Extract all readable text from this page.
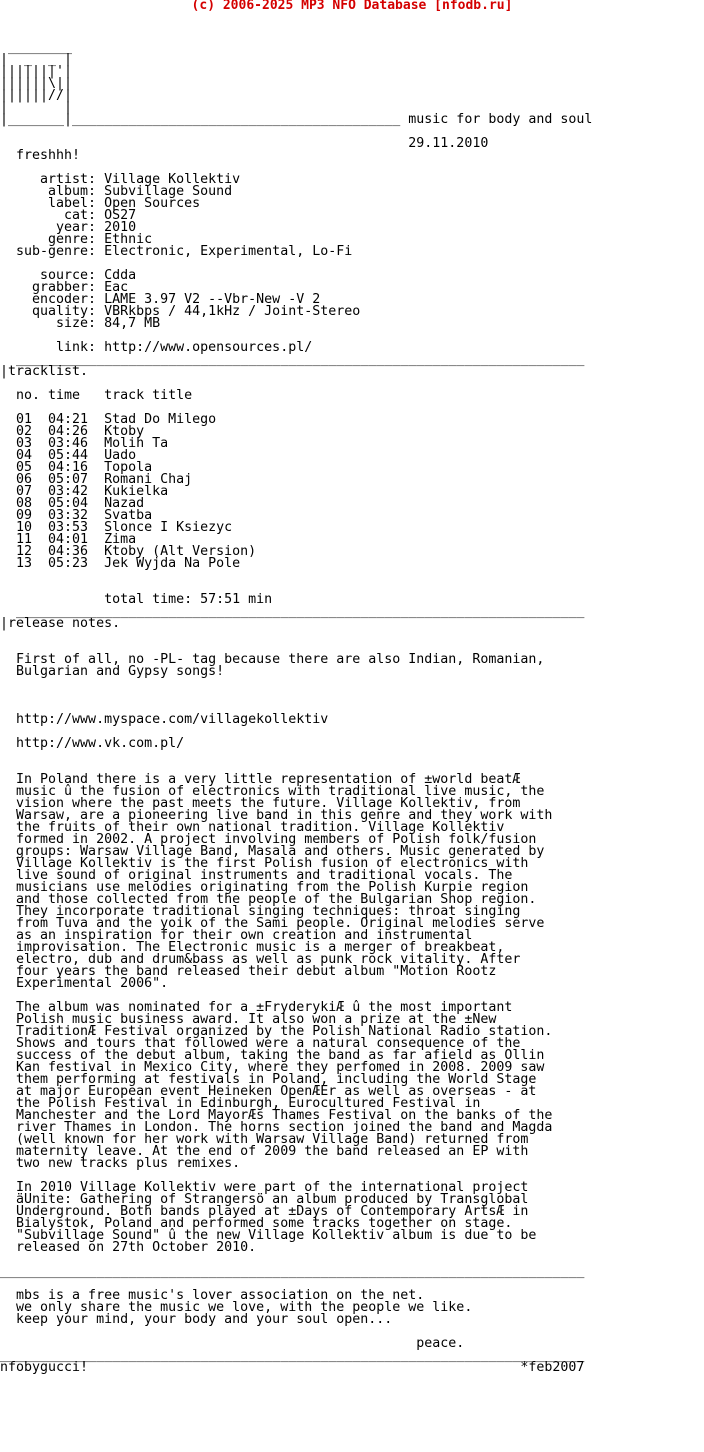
(c) 2006-2025 MP3 NFO Database [nfodb.ru]

________
|  _  _ |
|||||||'|
||||||\||
||||||//|
|       |
|_______|_________________________________________ music for body and soul

29.11.2010
freshhh!

artist: Village Kollektiv
album: Subvillage Sound
label: Open Sources
cat: OS27
year: 2010
genre: Ethnic
sub-genre: Electronic, Experimental, Lo-Fi

source: Cdda
grabber: Eac
encoder: LAME 3.97 V2 --Vbr-New -V 2
quality: VBRkbps / 44,1kHz / Joint-Stereo
size: 84,7 MB

link: http://www.opensources.pl/
_______________________________________________________________________
|tracklist.

no. time   track title

01  04:21  Stad Do Milego
02  04:26  Ktoby
03  03:46  Molih Ta
04  05:44  Uado
05  04:16  Topola
06  05:07  Romani Chaj
07  03:42  Kukielka
08  05:04  Nazad
09  03:32  Svatba
10  03:53  Slonce I Ksiezyc
11  04:01  Zima
12  04:36  Ktoby (Alt Version)
13  05:23  Jek Wyjda Na Pole

total time: 57:51 min
_______________________________________________________________________
|release notes.

First of all, no -PL- tag because there are also Indian, Romanian,
Bulgarian and Gypsy songs!

http://www.myspace.com/villagekollektiv

http://www.vk.com.pl/

In Poland there is a very little representation of ±world beatÆ
music û the fusion of electronics with traditional live music, the
vision where the past meets the future. Village Kollektiv, from
Warsaw, are a pioneering live band in this genre and they work with
the fruits of their own national tradition. Village Kollektiv
formed in 2002. A project involving members of Polish folk/fusion
groups: Warsaw Village Band, Masala and others. Music generated by
Village Kollektiv is the first Polish fusion of electronics with
live sound of original instruments and traditional vocals. The
musicians use melodies originating from the Polish Kurpie region
and those collected from the people of the Bulgarian Shop region.
They incorporate traditional singing techniques: throat singing
from Tuva and the yoik of the Sami people. Original melodies serve
as an inspiration for their own creation and instrumental
improvisation. The Electronic music is a merger of breakbeat,
electro, dub and drum&bass as well as punk rock vitality. After
four years the band released their debut album "Motion Rootz
Experimental 2006".

The album was nominated for a ±FryderykiÆ û the most important
Polish music business award. It also won a prize at the ±New
TraditionÆ Festival organized by the Polish National Radio station.
Shows and tours that followed were a natural consequence of the
success of the debut album, taking the band as far afield as Ollin
Kan festival in Mexico City, where they perfomed in 2008. 2009 saw
them performing at festivals in Poland, including the World Stage
at major European event Heineken OpenÆEr as well as overseas - at
the Polish Festival in Edinburgh, Eurocultured Festival in
Manchester and the Lord MayorÆs Thames Festival on the banks of the
river Thames in London. The horns section joined the band and Magda
(well known for her work with Warsaw Village Band) returned from
maternity leave. At the end of 2009 the band released an EP with
two new tracks plus remixes.

In 2010 Village Kollektiv were part of the international project
äUnite: Gathering of Strangersö an album produced by Transglobal
Underground. Both bands played at ±Days of Contemporary ArtsÆ in
Bialystok, Poland and performed some tracks together on stage.
"Subvillage Sound" û the new Village Kollektiv album is due to be
released on 27th October 2010.

_________________________________________________________________________

mbs is a free music's lover association on the net.
we only share the music we love, with the people we like.
keep your mind, your body and your soul open...

peace.
_________________________________________________________________________
nfobygucci!                                                      *feb2007
